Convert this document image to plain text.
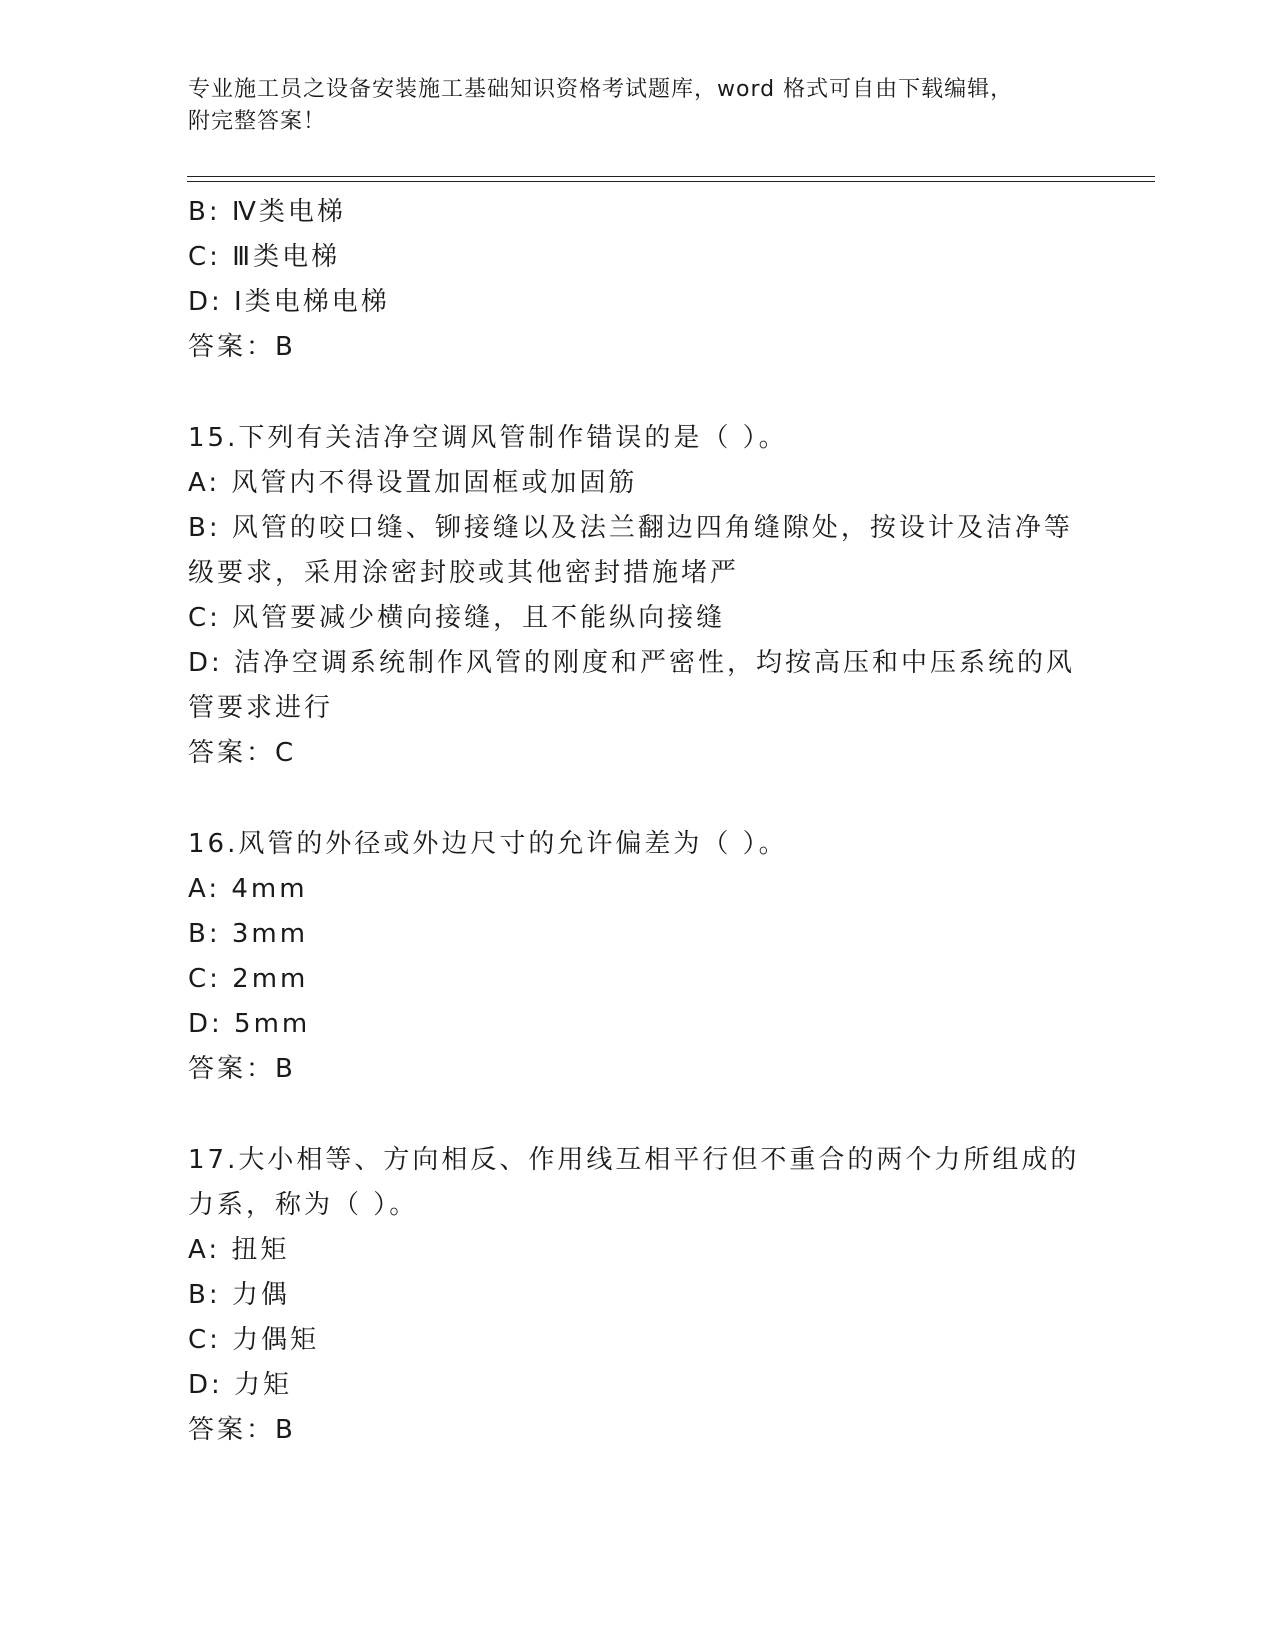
专业施工员之设备安装施工基础知识资格考试题库，word 格式可自由下载编辑，
附完整答案！
B: Ⅳ类电梯
C: Ⅲ类电梯
D: Ⅰ类电梯电梯
答案：B
15.下列有关洁净空调风管制作错误的是（ ）。
A: 风管内不得设置加固框或加固筋
B: 风管的咬口缝、铆接缝以及法兰翻边四角缝隙处，按设计及洁净等级要求，采用涂密封胶或其他密封措施堵严
C: 风管要减少横向接缝，且不能纵向接缝
D: 洁净空调系统制作风管的刚度和严密性，均按高压和中压系统的风管要求进行
答案：C
16.风管的外径或外边尺寸的允许偏差为（ ）。
A: 4mm
B: 3mm
C: 2mm
D: 5mm
答案：B
17.大小相等、方向相反、作用线互相平行但不重合的两个力所组成的力系，称为（ ）。
A: 扭矩
B: 力偶
C: 力偶矩
D: 力矩
答案：B
